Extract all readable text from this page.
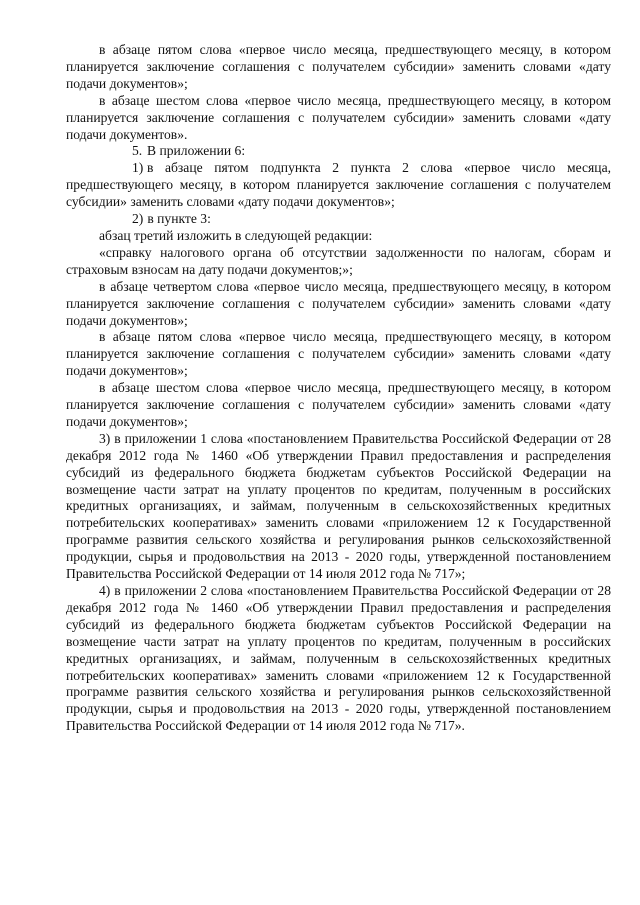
в абзаце пятом слова «первое число месяца, предшествующего месяцу, в котором планируется заключение соглашения с получателем субсидии» заменить словами «дату подачи документов»;

в абзаце шестом слова «первое число месяца, предшествующего месяцу, в котором планируется заключение соглашения с получателем субсидии» заменить словами «дату подачи документов».

5. В приложении 6:

1) в абзаце пятом подпункта 2 пункта 2 слова «первое число месяца, предшествующего месяцу, в котором планируется заключение соглашения с получателем субсидии» заменить словами «дату подачи документов»;

2) в пункте 3:

абзац третий изложить в следующей редакции:

«справку налогового органа об отсутствии задолженности по налогам, сборам и страховым взносам на дату подачи документов;»;

в абзаце четвертом слова «первое число месяца, предшествующего месяцу, в котором планируется заключение соглашения с получателем субсидии» заменить словами «дату подачи документов»;

в абзаце пятом слова «первое число месяца, предшествующего месяцу, в котором планируется заключение соглашения с получателем субсидии» заменить словами «дату подачи документов»;

в абзаце шестом слова «первое число месяца, предшествующего месяцу, в котором планируется заключение соглашения с получателем субсидии» заменить словами «дату подачи документов»;

3) в приложении 1 слова «постановлением Правительства Российской Федерации от 28 декабря 2012 года № 1460 «Об утверждении Правил предоставления и распределения субсидий из федерального бюджета бюджетам субъектов Российской Федерации на возмещение части затрат на уплату процентов по кредитам, полученным в российских кредитных организациях, и займам, полученным в сельскохозяйственных кредитных потребительских кооперативах» заменить словами «приложением 12 к Государственной программе развития сельского хозяйства и регулирования рынков сельскохозяйственной продукции, сырья и продовольствия на 2013 - 2020 годы, утвержденной постановлением Правительства Российской Федерации от 14 июля 2012 года № 717»;

4) в приложении 2 слова «постановлением Правительства Российской Федерации от 28 декабря 2012 года № 1460 «Об утверждении Правил предоставления и распределения субсидий из федерального бюджета бюджетам субъектов Российской Федерации на возмещение части затрат на уплату процентов по кредитам, полученным в российских кредитных организациях, и займам, полученным в сельскохозяйственных кредитных потребительских кооперативах» заменить словами «приложением 12 к Государственной программе развития сельского хозяйства и регулирования рынков сельскохозяйственной продукции, сырья и продовольствия на 2013 - 2020 годы, утвержденной постановлением Правительства Российской Федерации от 14 июля 2012 года № 717».
